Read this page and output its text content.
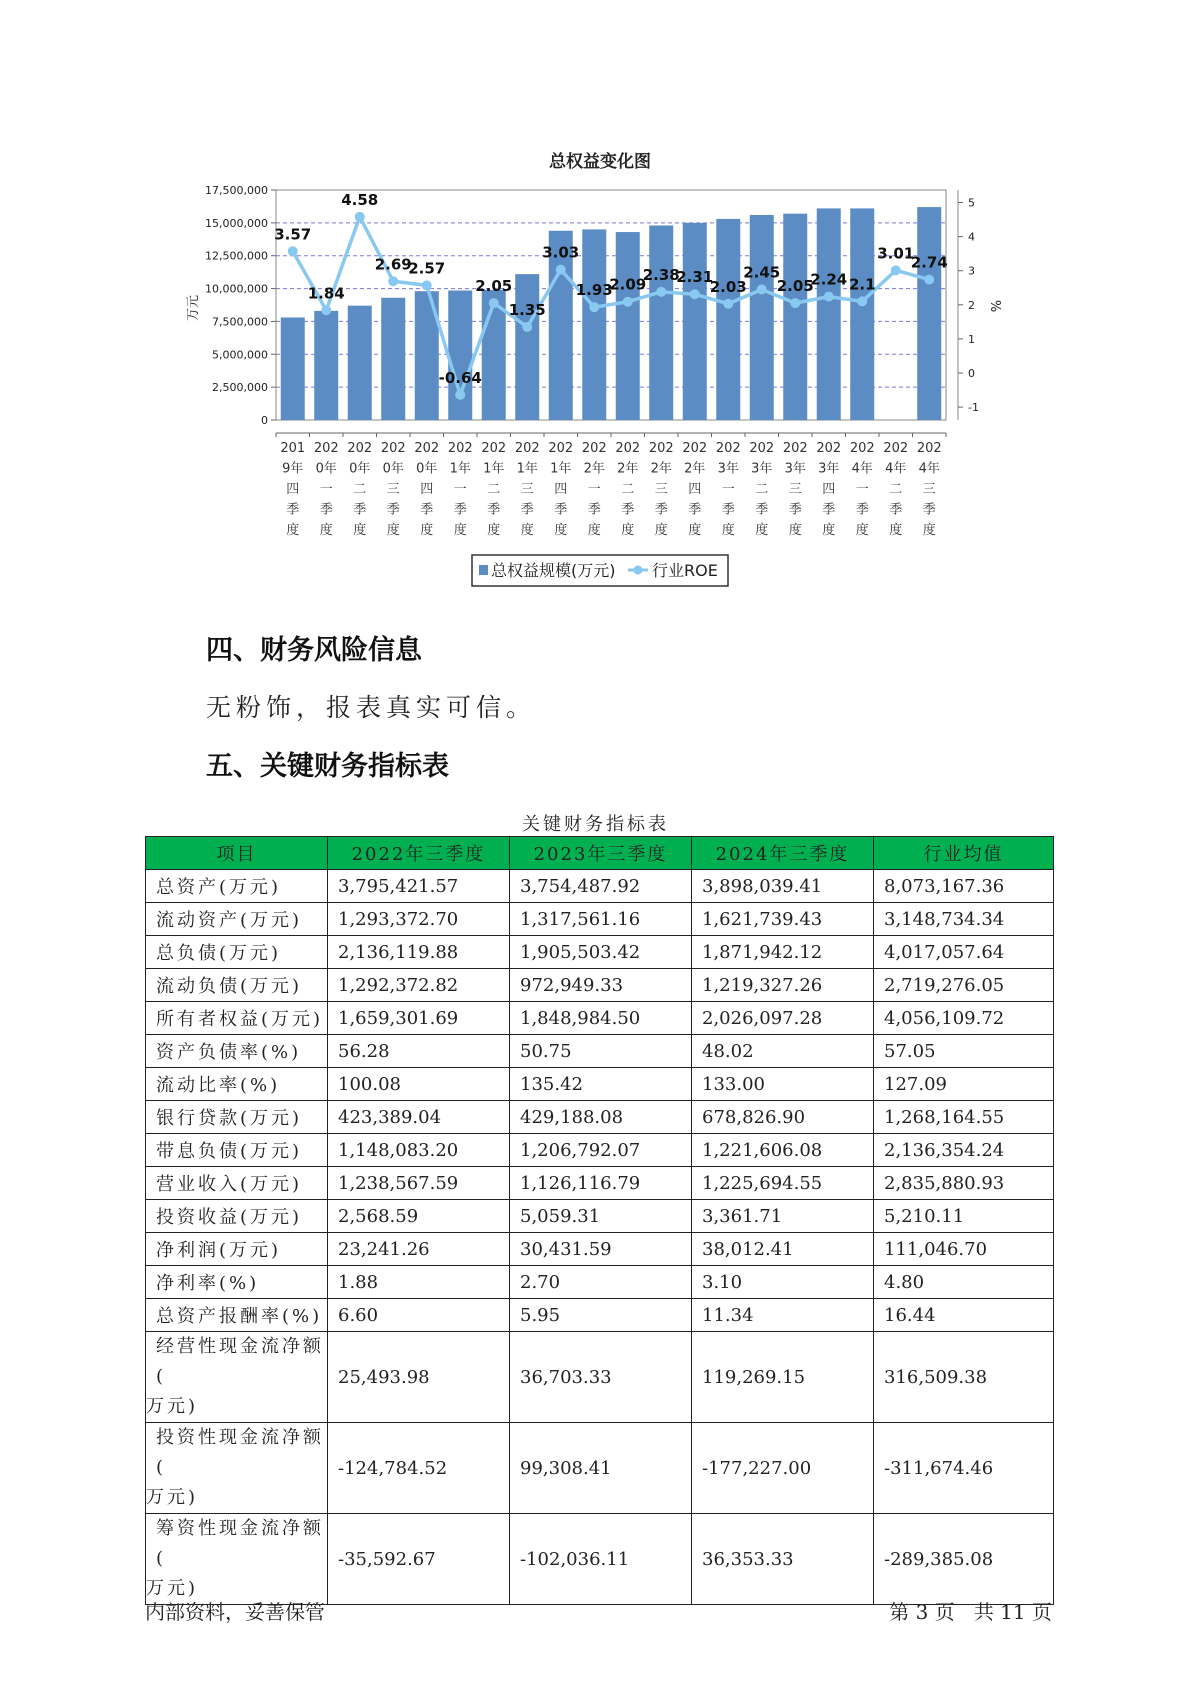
总权益变化图
3.57
1.84
4.58
2.69
2.57
-0.64
2.05
1.35
3.03
1.93
2.09
2.38
2.31
2.03
2.45
2.05
2.24 2.1
3.01
2.74
0
2,500,000
5,000,000
7,500,000
10,000,000
12,500,000
15,000,000
17,500,000
-1
0
1
2
3
4
5
201
9年
四
季
度
202
0年
一
季
度
202
0年
二
季
度
202
0年
三
季
度
202
0年
四
季
度
202
1年
一
季
度
202
1年
二
季
度
202
1年
三
季
度
202
1年
四
季
度
202
2年
一
季
度
202
2年
二
季
度
202
2年
三
季
度
202
2年
四
季
度
202
3年
一
季
度
202
3年
二
季
度
202
3年
三
季
度
202
3年
四
季
度
202
4年
一
季
度
202
4年
二
季
度
202
4年
三
季
度
万元	%
总权益规模(万元) 行业ROE
四、财务风险信息
无粉饰，报表真实可信。
五、关键财务指标表
关键财务指标表
项目	2022年三季度	2023年三季度	2024年三季度	行业均值
总资产(万元)	3,795,421.57	3,754,487.92	3,898,039.41	8,073,167.36
流动资产(万元)	1,293,372.70	1,317,561.16	1,621,739.43	3,148,734.34
总负债(万元)	2,136,119.88	1,905,503.42	1,871,942.12	4,017,057.64
流动负债(万元)	1,292,372.82	972,949.33	1,219,327.26	2,719,276.05
所有者权益(万元)	1,659,301.69	1,848,984.50	2,026,097.28	4,056,109.72
资产负债率(%)	56.28	50.75	48.02	57.05
流动比率(%)	100.08	135.42	133.00	127.09
银行贷款(万元)	423,389.04	429,188.08	678,826.90	1,268,164.55
带息负债(万元)	1,148,083.20	1,206,792.07	1,221,606.08	2,136,354.24
营业收入(万元)	1,238,567.59	1,126,116.79	1,225,694.55	2,835,880.93
投资收益(万元)	2,568.59	5,059.31	3,361.71	5,210.11
净利润(万元)	23,241.26	30,431.59	38,012.41	111,046.70
净利率(%)	1.88	2.70	3.10	4.80
总资产报酬率(%)	6.60	5.95	11.34	16.44

经营性现金流净额(
万元)	25,493.98	36,703.33	119,269.15	316,509.38

投资性现金流净额(
万元)	-124,784.52	99,308.41	-177,227.00	-311,674.46

筹资性现金流净额(
万元)	-35,592.67	-102,036.11	36,353.33	-289,385.08
内部资料，妥善保管	第 3 页   共 11 页
